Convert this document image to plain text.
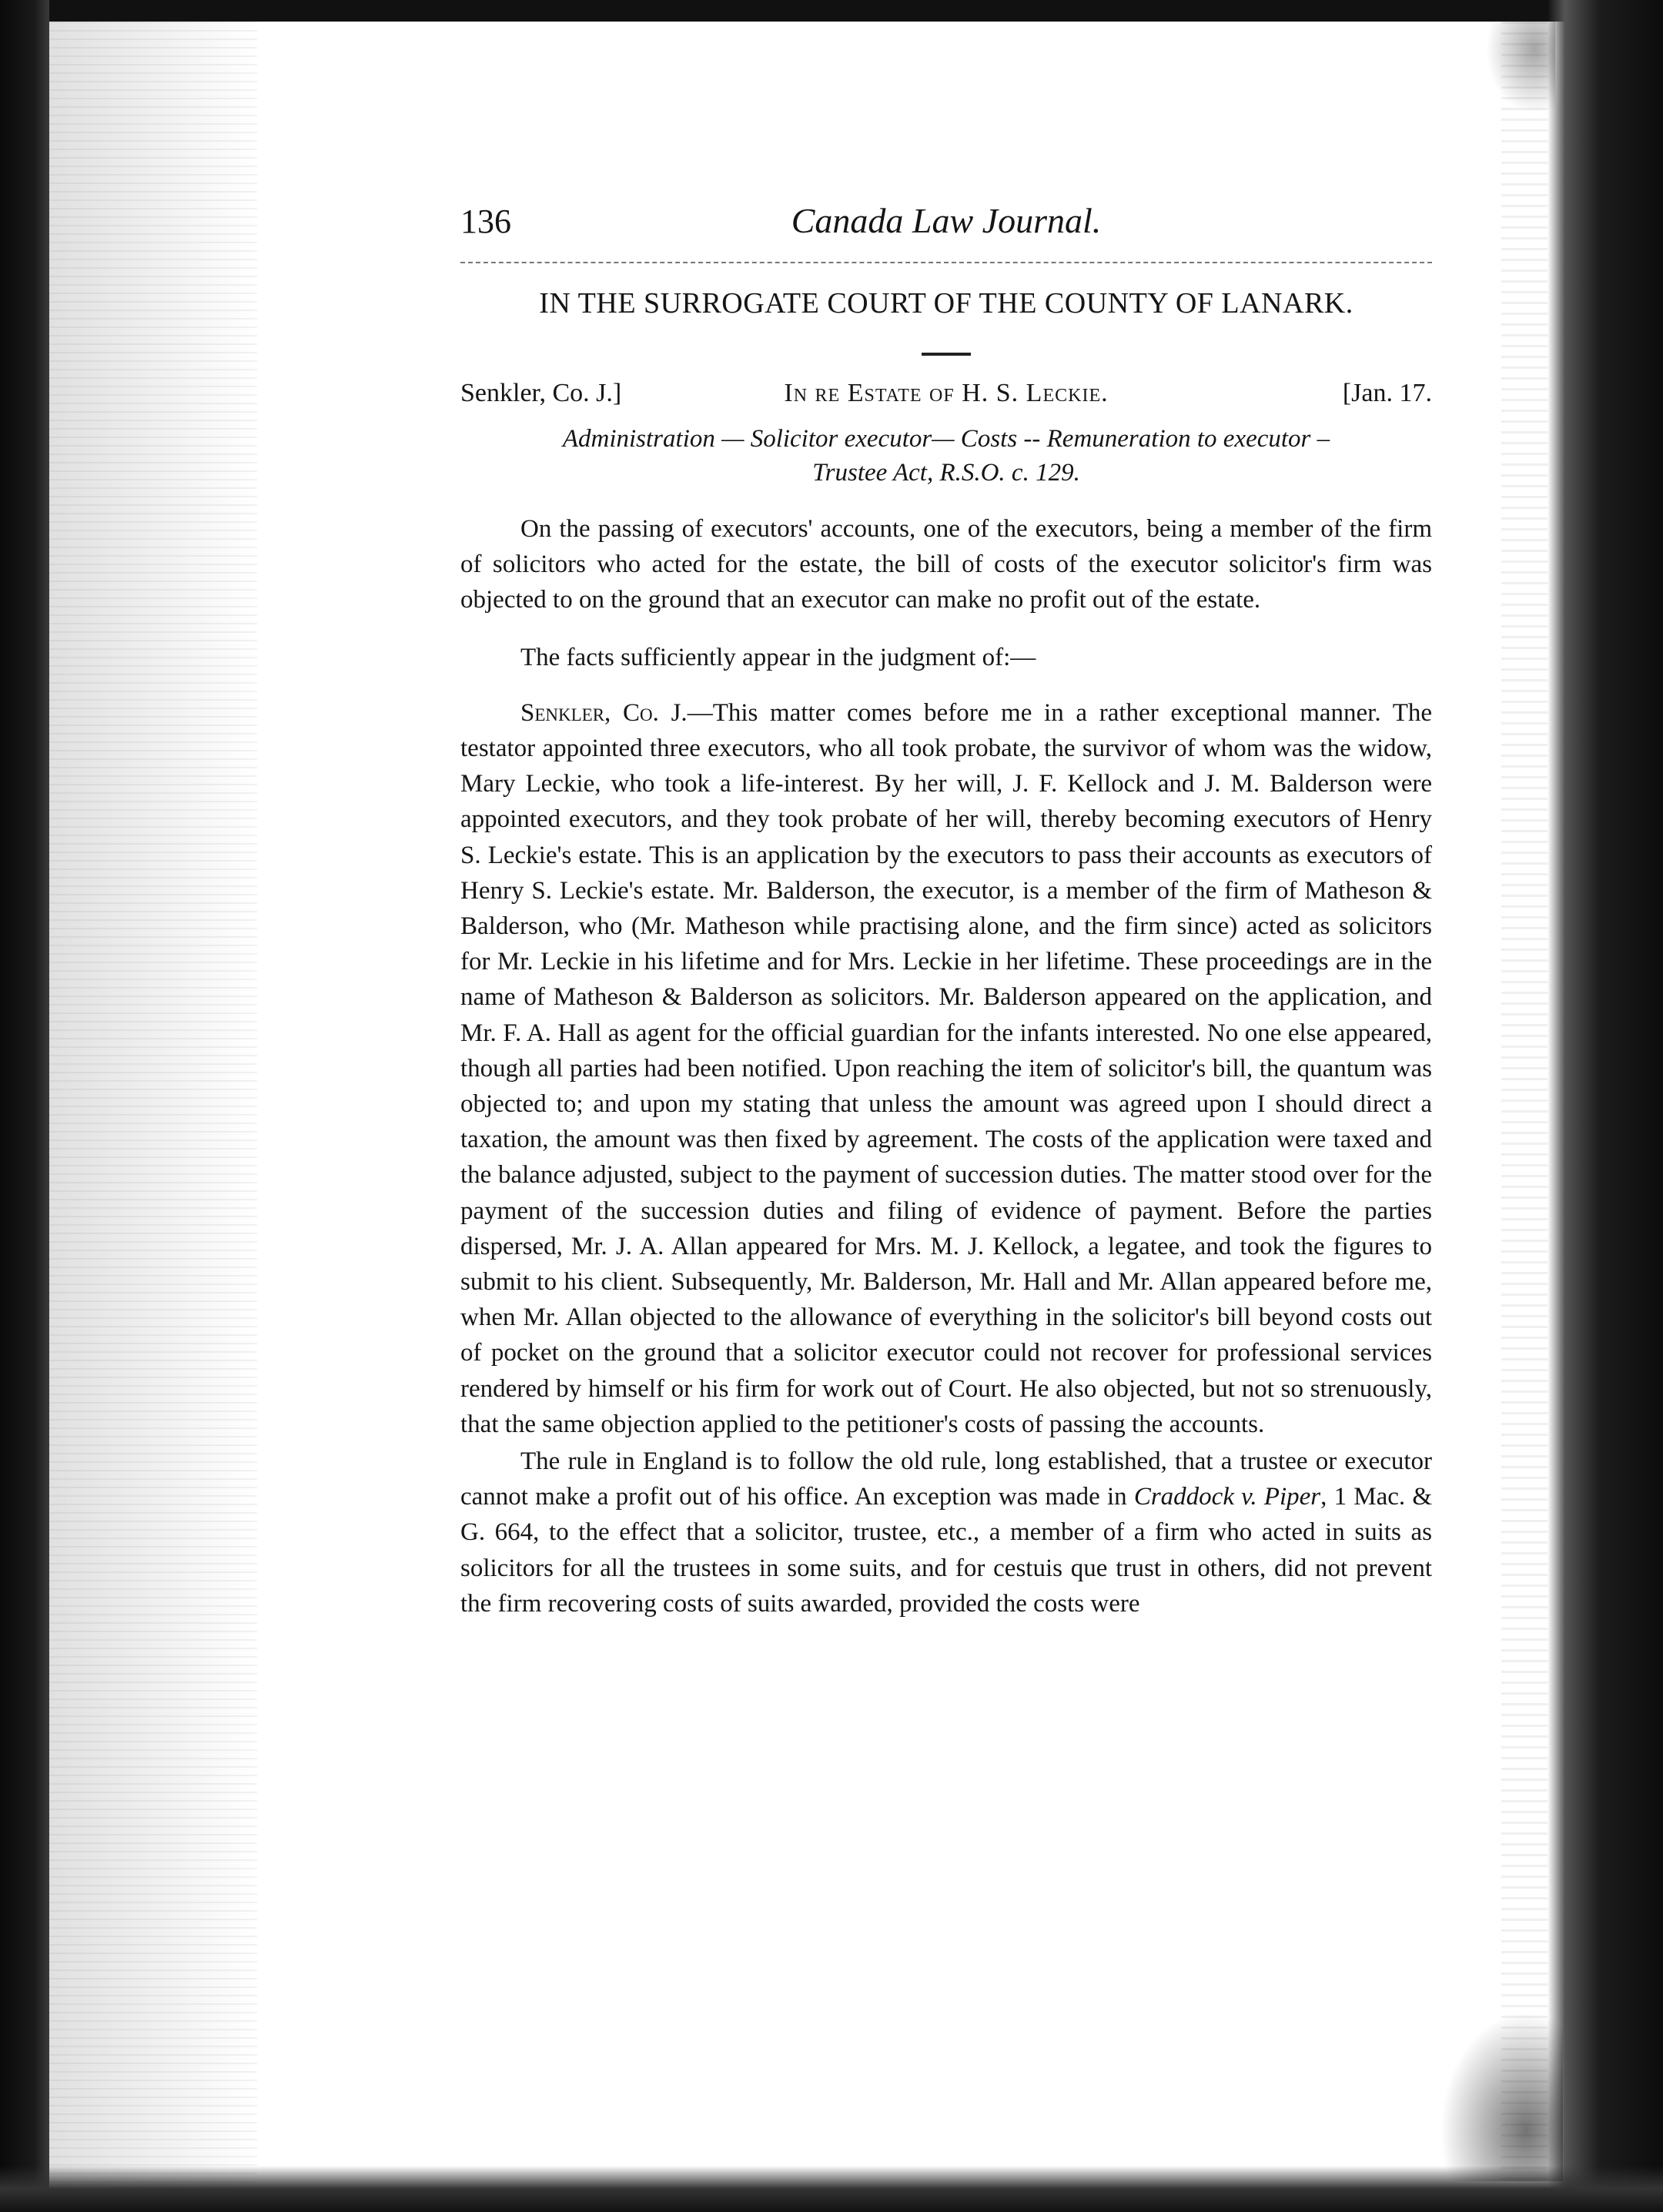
136	Canada Law Journal.
IN THE SURROGATE COURT OF THE COUNTY OF LANARK.
Senkler, Co. J.]	In re Estate of H. S. Leckie.	[Jan. 17.
Administration — Solicitor executor— Costs -- Remuneration to executor –
Trustee Act, R.S.O. c. 129.

On the passing of executors' accounts, one of the executors, being a member of the firm of solicitors who acted for the estate, the bill of costs of the executor solicitor's firm was objected to on the ground that an executor can make no profit out of the estate.

The facts sufficiently appear in the judgment of:—

Senkler, Co. J.—This matter comes before me in a rather exceptional manner. The testator appointed three executors, who all took probate, the survivor of whom was the widow, Mary Leckie, who took a life-interest. By her will, J. F. Kellock and J. M. Balderson were appointed executors, and they took probate of her will, thereby becoming executors of Henry S. Leckie's estate. This is an application by the executors to pass their accounts as executors of Henry S. Leckie's estate. Mr. Balderson, the executor, is a member of the firm of Matheson & Balderson, who (Mr. Matheson while practising alone, and the firm since) acted as solicitors for Mr. Leckie in his lifetime and for Mrs. Leckie in her lifetime. These proceedings are in the name of Matheson & Balderson as solicitors. Mr. Balderson appeared on the application, and Mr. F. A. Hall as agent for the official guardian for the infants interested. No one else appeared, though all parties had been notified. Upon reaching the item of solicitor's bill, the quantum was objected to; and upon my stating that unless the amount was agreed upon I should direct a taxation, the amount was then fixed by agreement. The costs of the application were taxed and the balance adjusted, subject to the payment of succession duties. The matter stood over for the payment of the succession duties and filing of evidence of payment. Before the parties dispersed, Mr. J. A. Allan appeared for Mrs. M. J. Kellock, a legatee, and took the figures to submit to his client. Subsequently, Mr. Balderson, Mr. Hall and Mr. Allan appeared before me, when Mr. Allan objected to the allowance of everything in the solicitor's bill beyond costs out of pocket on the ground that a solicitor executor could not recover for professional services rendered by himself or his firm for work out of Court. He also objected, but not so strenuously, that the same objection applied to the petitioner's costs of passing the accounts.

The rule in England is to follow the old rule, long established, that a trustee or executor cannot make a profit out of his office. An exception was made in Craddock v. Piper, 1 Mac. & G. 664, to the effect that a solicitor, trustee, etc., a member of a firm who acted in suits as solicitors for all the trustees in some suits, and for cestuis que trust in others, did not prevent the firm recovering costs of suits awarded, provided the costs were
